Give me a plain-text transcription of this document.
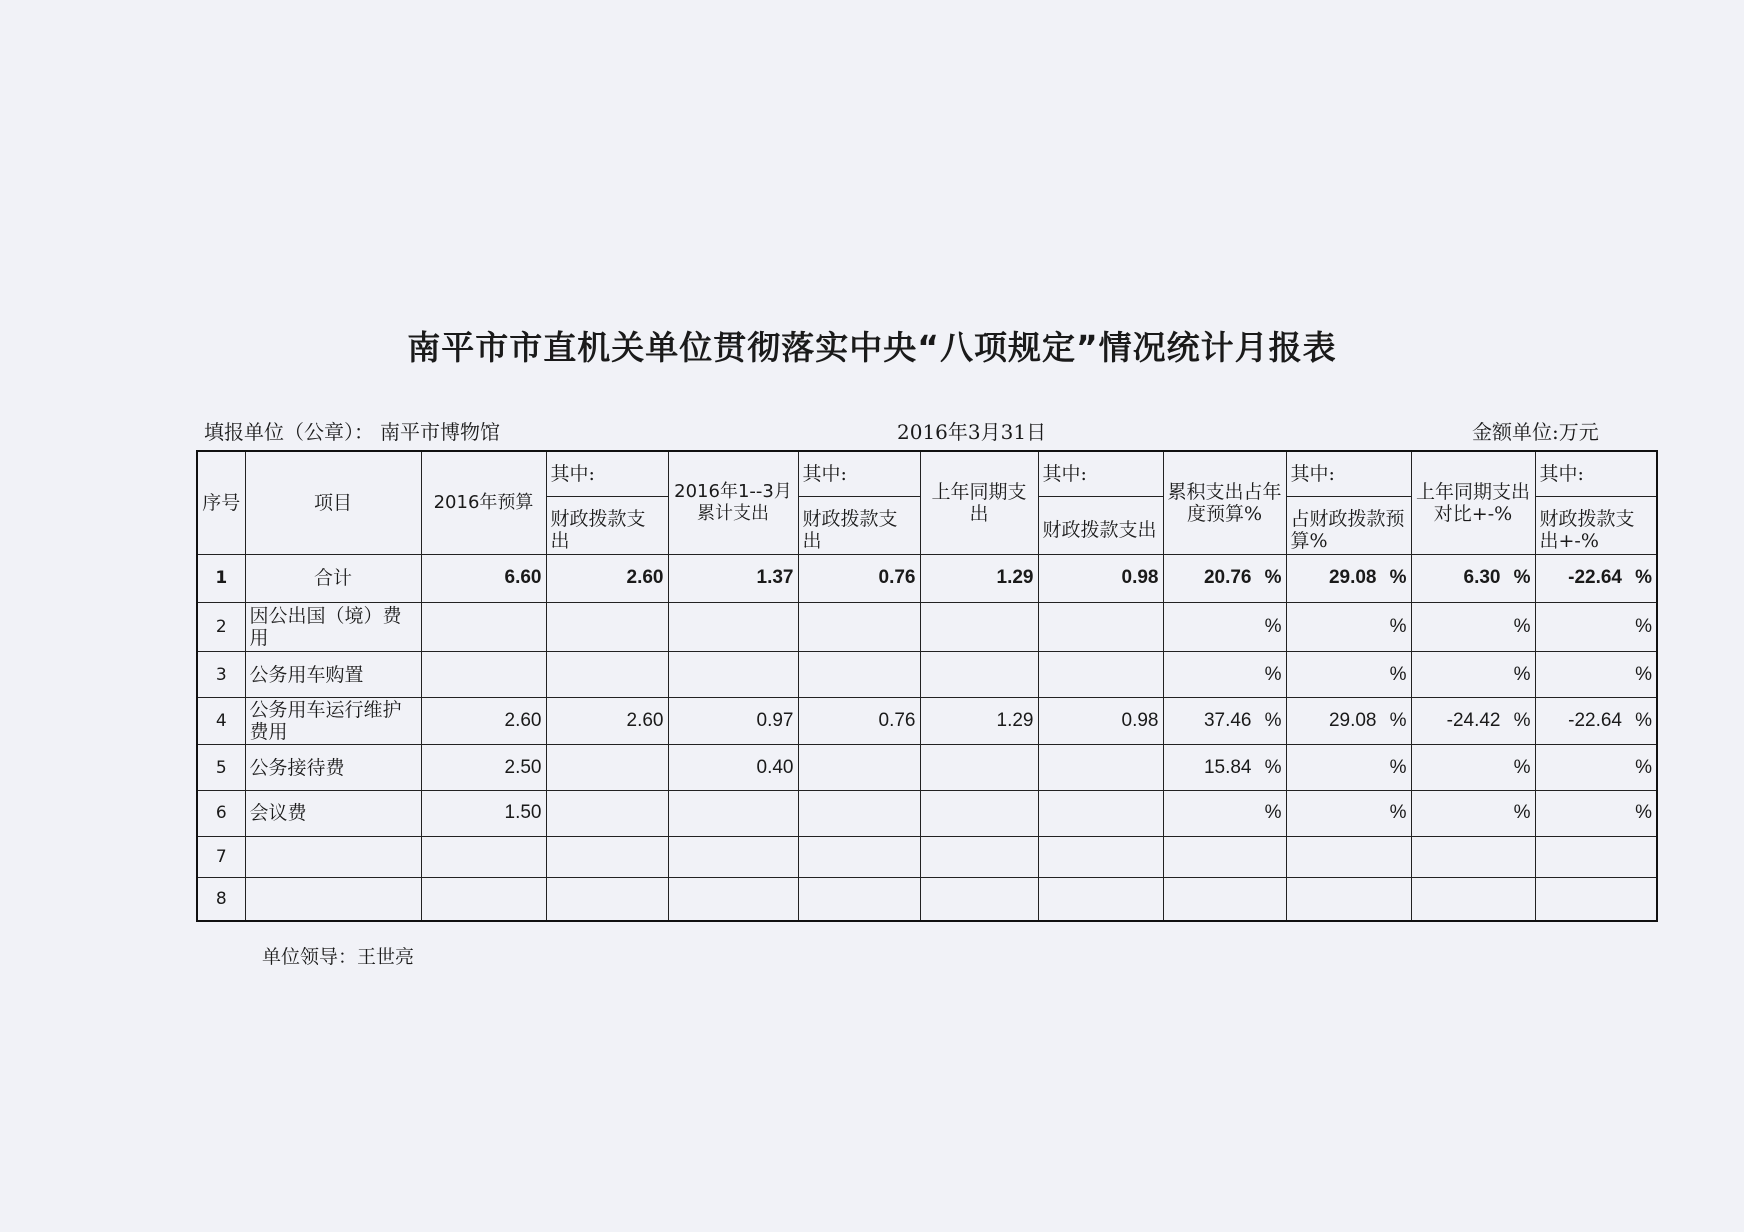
南平市市直机关单位贯彻落实中央“八项规定”情况统计月报表
填报单位（公章）： 南平市博物馆	2016年3月31日	金额单位:万元
序号	项目	2016年预算	其中:	2016年1--3月累计支出	其中:	上年同期支出	其中:	累积支出占年度预算%	其中:	上年同期支出对比+-%	其中:
			财政拨款支出		财政拨款支出		财政拨款支出		占财政拨款预算%		财政拨款支出+-%
1	合计	6.60	2.60	1.37	0.76	1.29	0.98	20.76 %	29.08 %	6.30 %	-22.64 %
2	因公出国（境）费用							%	%	%	%
3	公务用车购置							%	%	%	%
4	公务用车运行维护费用	2.60	2.60	0.97	0.76	1.29	0.98	37.46 %	29.08 %	-24.42 %	-22.64 %
5	公务接待费	2.50		0.40				15.84 %	%	%	%
6	会议费	1.50						%	%	%	%
7											
8											
单位领导：王世亮
